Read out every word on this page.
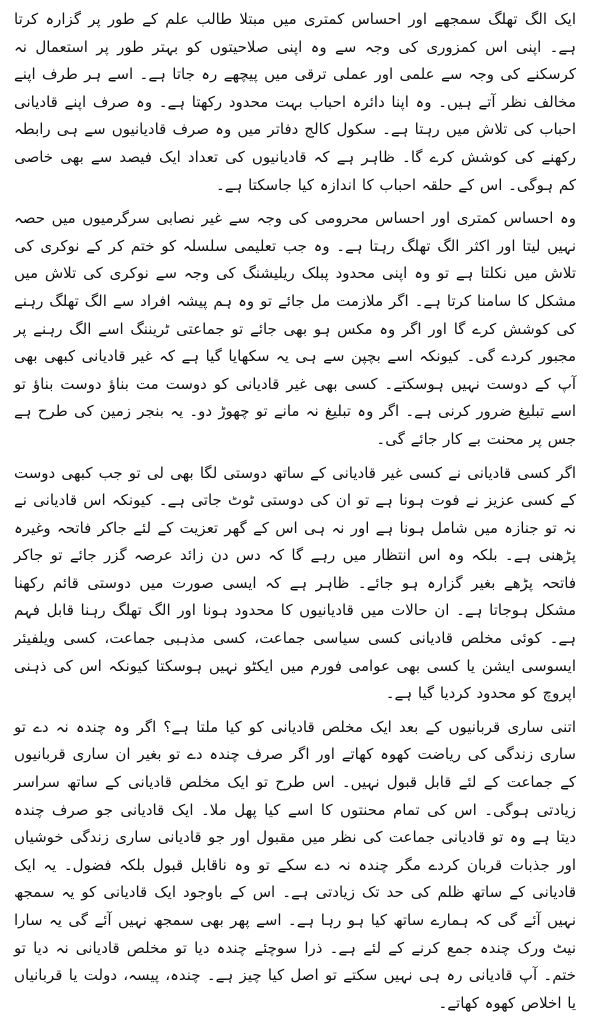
ایک الگ تھلگ سمجھے اور احساس کمتری میں مبتلا طالب علم کے طور پر گزارہ کرتا ہے۔ اپنی اس کمزوری کی وجہ سے وہ اپنی صلاحیتوں کو بہتر طور پر استعمال نہ کرسکنے کی وجہ سے علمی اور عملی ترقی میں پیچھے رہ جاتا ہے۔ اسے ہر طرف اپنے مخالف نظر آتے ہیں۔ وہ اپنا دائرہ احباب بہت محدود رکھتا ہے۔ وہ صرف اپنے قادیانی احباب کی تلاش میں رہتا ہے۔ سکول کالج دفاتر میں وہ صرف قادیانیوں سے ہی رابطہ رکھنے کی کوشش کرے گا۔ ظاہر ہے کہ قادیانیوں کی تعداد ایک فیصد سے بھی خاصی کم ہوگی۔ اس کے حلقہ احباب کا اندازہ کیا جاسکتا ہے۔

وہ احساس کمتری اور احساس محرومی کی وجہ سے غیر نصابی سرگرمیوں میں حصہ نہیں لیتا اور اکثر الگ تھلگ رہتا ہے۔ وہ جب تعلیمی سلسلہ کو ختم کر کے نوکری کی تلاش میں نکلتا ہے تو وہ اپنی محدود پبلک ریلیشنگ کی وجہ سے نوکری کی تلاش میں مشکل کا سامنا کرتا ہے۔ اگر ملازمت مل جائے تو وہ ہم پیشہ افراد سے الگ تھلگ رہنے کی کوشش کرے گا اور اگر وہ مکس ہو بھی جائے تو جماعتی ٹریننگ اسے الگ رہنے پر مجبور کردے گی۔ کیونکہ اسے بچپن سے ہی یہ سکھایا گیا ہے کہ غیر قادیانی کبھی بھی آپ کے دوست نہیں ہوسکتے۔ کسی بھی غیر قادیانی کو دوست مت بناؤ دوست بناؤ تو اسے تبلیغ ضرور کرنی ہے۔ اگر وہ تبلیغ نہ مانے تو چھوڑ دو۔ یہ بنجر زمین کی طرح ہے جس پر محنت بے کار جائے گی۔

اگر کسی قادیانی نے کسی غیر قادیانی کے ساتھ دوستی لگا بھی لی تو جب کبھی دوست کے کسی عزیز نے فوت ہونا ہے تو ان کی دوستی ٹوٹ جاتی ہے۔ کیونکہ اس قادیانی نے نہ تو جنازہ میں شامل ہونا ہے اور نہ ہی اس کے گھر تعزیت کے لئے جاکر فاتحہ وغیرہ پڑھنی ہے۔ بلکہ وہ اس انتظار میں رہے گا کہ دس دن زائد عرصہ گزر جائے تو جاکر فاتحہ پڑھے بغیر گزارہ ہو جائے۔ ظاہر ہے کہ ایسی صورت میں دوستی قائم رکھنا مشکل ہوجاتا ہے۔ ان حالات میں قادیانیوں کا محدود ہونا اور الگ تھلگ رہنا قابل فہم ہے۔ کوئی مخلص قادیانی کسی سیاسی جماعت، کسی مذہبی جماعت، کسی ویلفیئر ایسوسی ایشن یا کسی بھی عوامی فورم میں ایکٹو نہیں ہوسکتا کیونکہ اس کی ذہنی اپروچ کو محدود کردیا گیا ہے۔

اتنی ساری قربانیوں کے بعد ایک مخلص قادیانی کو کیا ملتا ہے؟ اگر وہ چندہ نہ دے تو ساری زندگی کی ریاضت کھوہ کھاتے اور اگر صرف چندہ دے تو بغیر ان ساری قربانیوں کے جماعت کے لئے قابل قبول نہیں۔ اس طرح تو ایک مخلص قادیانی کے ساتھ سراسر زیادتی ہوگی۔ اس کی تمام محنتوں کا اسے کیا پھل ملا۔ ایک قادیانی جو صرف چندہ دیتا ہے وہ تو قادیانی جماعت کی نظر میں مقبول اور جو قادیانی ساری زندگی خوشیاں اور جذبات قربان کردے مگر چندہ نہ دے سکے تو وہ ناقابل قبول بلکہ فضول۔ یہ ایک قادیانی کے ساتھ ظلم کی حد تک زیادتی ہے۔ اس کے باوجود ایک قادیانی کو یہ سمجھ نہیں آئے گی کہ ہمارے ساتھ کیا ہو رہا ہے۔ اسے پھر بھی سمجھ نہیں آئے گی یہ سارا نیٹ ورک چندہ جمع کرنے کے لئے ہے۔ ذرا سوچئے چندہ دیا تو مخلص قادیانی نہ دیا تو ختم۔ آپ قادیانی رہ ہی نہیں سکتے تو اصل کیا چیز ہے۔ چندہ، پیسہ، دولت یا قربانیاں یا اخلاص کھوہ کھاتے۔
